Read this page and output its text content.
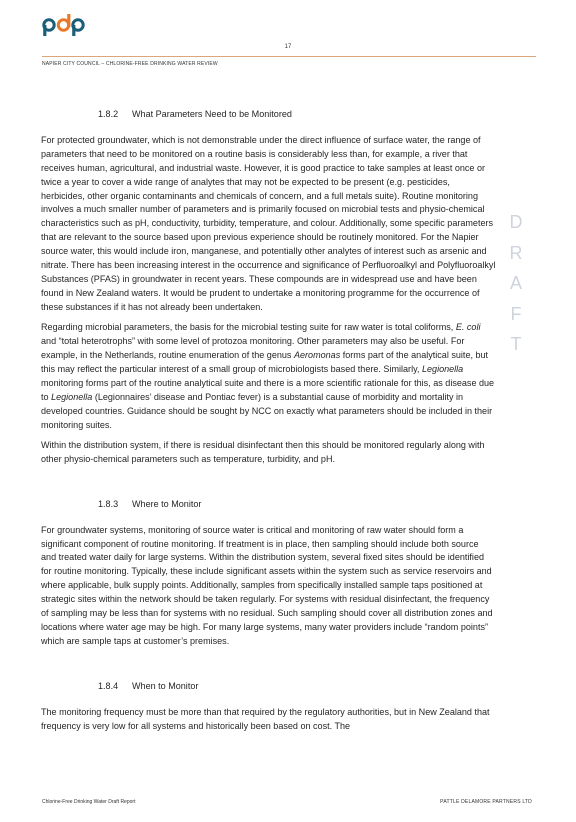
17
NAPIER CITY COUNCIL – CHLORINE-FREE DRINKING WATER REVIEW
1.8.2 What Parameters Need to be Monitored

For protected groundwater, which is not demonstrable under the direct influence of surface water, the range of parameters that need to be monitored on a routine basis is considerably less than, for example, a river that receives human, agricultural, and industrial waste. However, it is good practice to take samples at least once or twice a year to cover a wide range of analytes that may not be expected to be present (e.g. pesticides, herbicides, other organic contaminants and chemicals of concern, and a full metals suite). Routine monitoring involves a much smaller number of parameters and is primarily focused on microbial tests and physio-chemical characteristics such as pH, conductivity, turbidity, temperature, and colour. Additionally, some specific parameters that are relevant to the source based upon previous experience should be routinely monitored. For the Napier source water, this would include iron, manganese, and potentially other analytes of interest such as arsenic and nitrate. There has been increasing interest in the occurrence and significance of Perfluoroalkyl and Polyfluoroalkyl Substances (PFAS) in groundwater in recent years. These compounds are in widespread use and have been found in New Zealand waters. It would be prudent to undertake a monitoring programme for the occurrence of these substances if it has not already been undertaken.

Regarding microbial parameters, the basis for the microbial testing suite for raw water is total coliforms, E. coli and “total heterotrophs” with some level of protozoa monitoring. Other parameters may also be useful. For example, in the Netherlands, routine enumeration of the genus Aeromonas forms part of the analytical suite, but this may reflect the particular interest of a small group of microbiologists based there. Similarly, Legionella monitoring forms part of the routine analytical suite and there is a more scientific rationale for this, as disease due to Legionella (Legionnaires’ disease and Pontiac fever) is a substantial cause of morbidity and mortality in developed countries. Guidance should be sought by NCC on exactly what parameters should be included in their monitoring suites.

Within the distribution system, if there is residual disinfectant then this should be monitored regularly along with other physio-chemical parameters such as temperature, turbidity, and pH.

1.8.3 Where to Monitor

For groundwater systems, monitoring of source water is critical and monitoring of raw water should form a significant component of routine monitoring. If treatment is in place, then sampling should include both source and treated water daily for large systems. Within the distribution system, several fixed sites should be identified for routine monitoring. Typically, these include significant assets within the system such as service reservoirs and where applicable, bulk supply points. Additionally, samples from specifically installed sample taps positioned at strategic sites within the network should be taken regularly. For systems with residual disinfectant, the frequency of sampling may be less than for systems with no residual. Such sampling should cover all distribution zones and locations where water age may be high. For many large systems, many water providers include “random points” which are sample taps at customer’s premises.

1.8.4 When to Monitor

The monitoring frequency must be more than that required by the regulatory authorities, but in New Zealand that frequency is very low for all systems and historically been based on cost. The

D
R
A
F
T
Chlorine-Free Drinking Water Draft Report	PATTLE DELAMORE PARTNERS LTD
